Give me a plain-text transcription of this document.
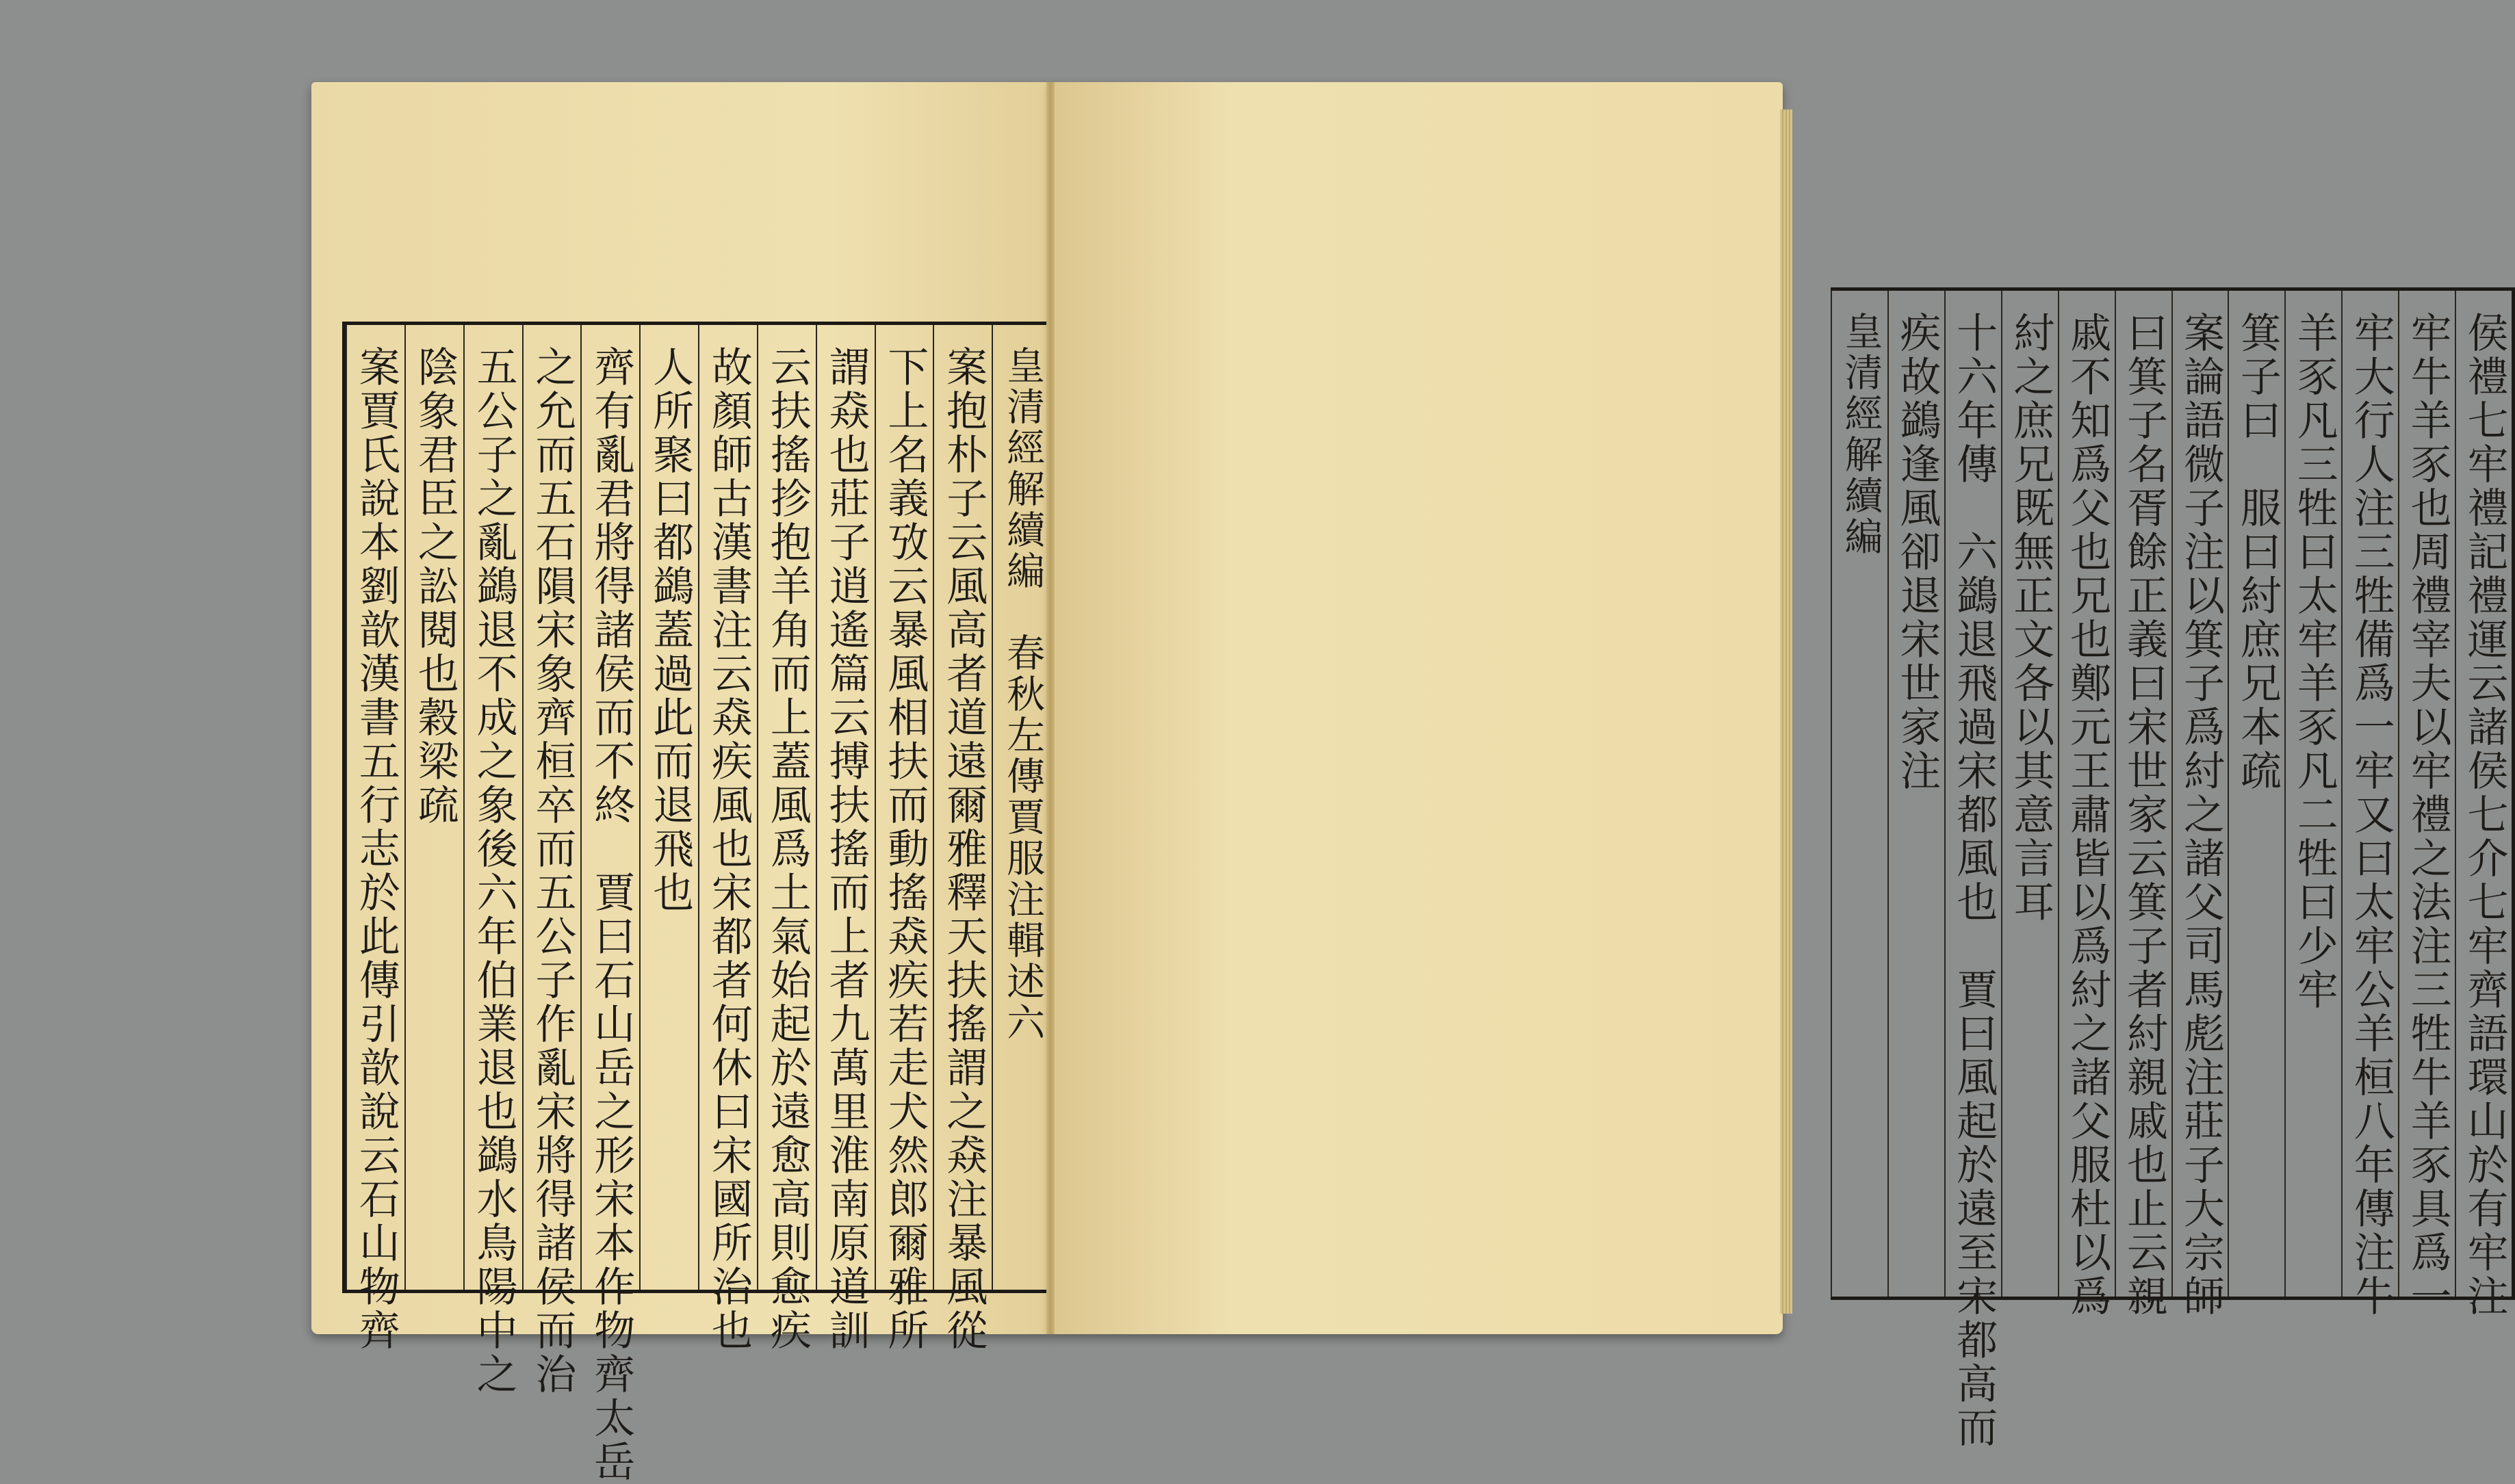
皇清經解續編　春秋左傳賈服注輯述六
案抱朴子云風高者道遠爾雅釋天扶搖謂之猋注暴風從
下上名義攷云暴風相扶而動搖猋疾若走犬然郎爾雅所
謂猋也莊子逍遙篇云搏扶搖而上者九萬里淮南原道訓
云扶搖抮抱羊角而上蓋風爲土氣始起於遠愈高則愈疾
故顏師古漢書注云猋疾風也宋都者何休曰宋國所治也
人所聚曰都鷁蓋過此而退飛也
齊有亂君將得諸侯而不終　賈曰石山岳之形宋本作物齊太岳
之允而五石隕宋象齊桓卒而五公子作亂宋將得諸侯而治
五公子之亂鷁退不成之象後六年伯業退也鷁水鳥陽中之
陰象君臣之訟閱也穀梁疏
案賈氏說本劉歆漢書五行志於此傳引歆說云石山物齊	侯禮七牢禮記禮運云諸侯七介七牢齊語環山於有牢注
牢牛羊豕也周禮宰夫以牢禮之法注三牲牛羊豕具爲一
牢大行人注三牲備爲一牢又曰太牢公羊桓八年傳注牛
羊豕凡三牲曰太牢羊豕凡二牲曰少牢
箕子曰　服曰紂庶兄本疏
案論語微子注以箕子爲紂之諸父司馬彪注莊子大宗師
曰箕子名胥餘正義曰宋世家云箕子者紂親戚也止云親
戚不知爲父也兄也鄭元王肅皆以爲紂之諸父服杜以爲
紂之庶兄既無正文各以其意言耳
十六年傳　六鷁退飛過宋都風也　賈曰風起於遠至宋都高而
疾故鷁逢風卻退宋世家注
皇清經解續編
